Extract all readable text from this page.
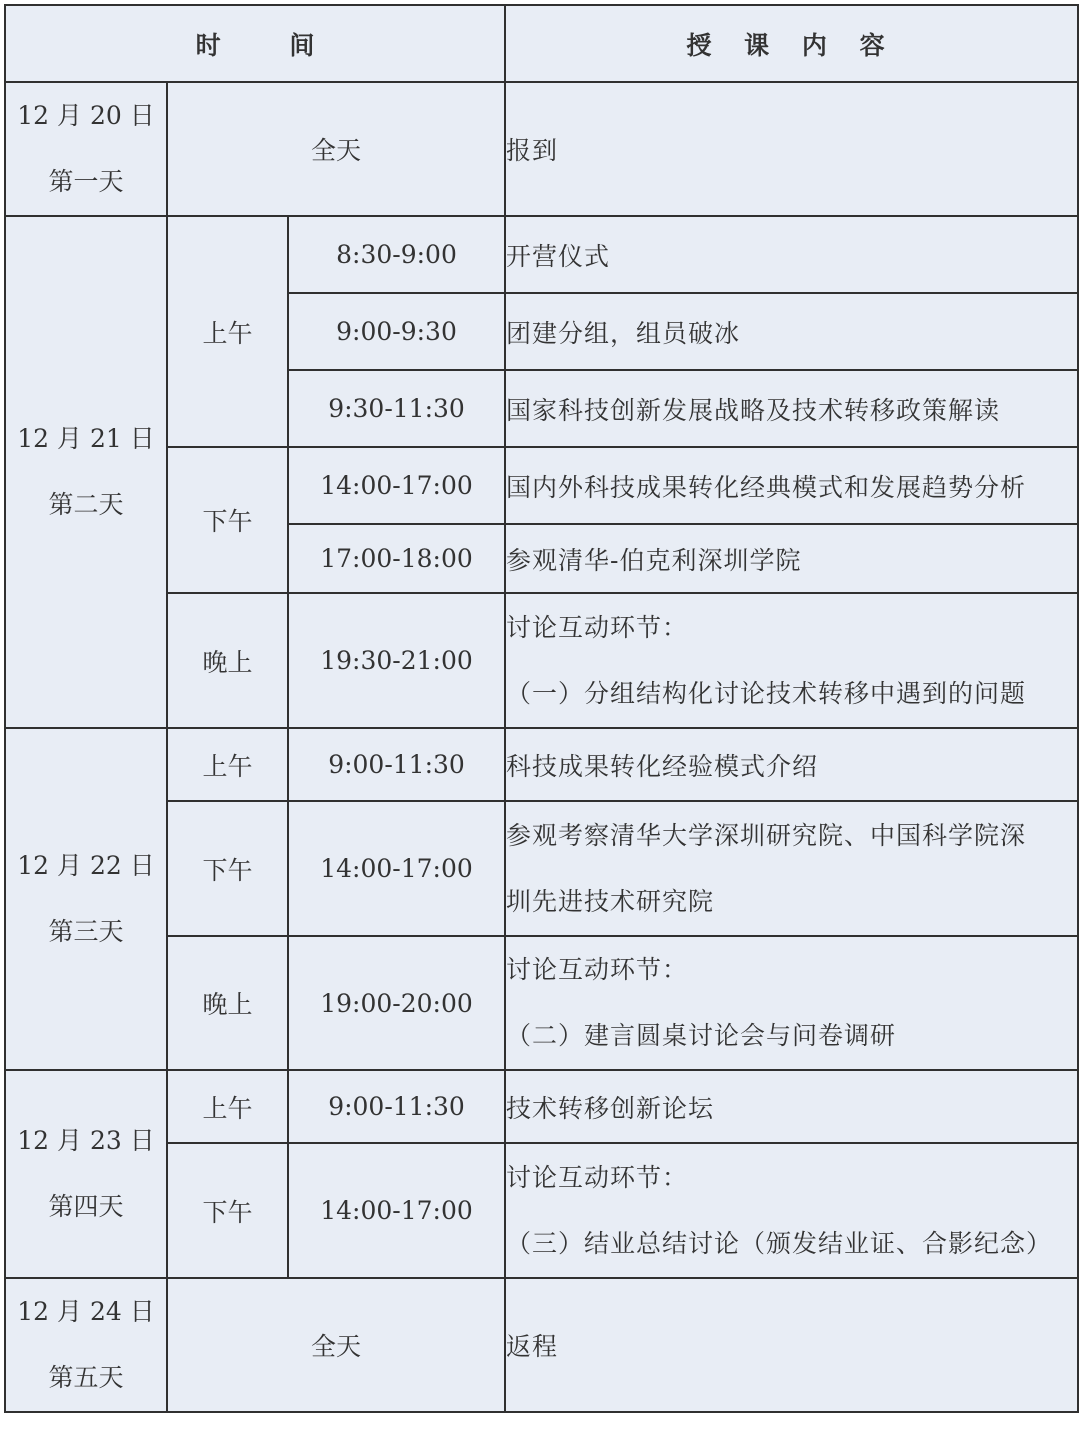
时 间			授 课 内 容

12 月 20 日
第一天	全天		报到

12 月 21 日
第二天	上午	8:30-9:00	开营仪式

		9:00-9:30	团建分组，组员破冰

		9:30-11:30	国家科技创新发展战略及技术转移政策解读

	下午	14:00-17:00	国内外科技成果转化经典模式和发展趋势分析

		17:00-18:00	参观清华-伯克利深圳学院

	晚上	19:30-21:00	讨论互动环节：
（一）分组结构化讨论技术转移中遇到的问题

12 月 22 日
第三天	上午	9:00-11:30	科技成果转化经验模式介绍

	下午	14:00-17:00	参观考察清华大学深圳研究院、中国科学院深
圳先进技术研究院

	晚上	19:00-20:00	讨论互动环节：
（二）建言圆桌讨论会与问卷调研

12 月 23 日
第四天	上午	9:00-11:30	技术转移创新论坛

	下午	14:00-17:00	讨论互动环节：
（三）结业总结讨论（颁发结业证、合影纪念）

12 月 24 日
第五天	全天		返程
